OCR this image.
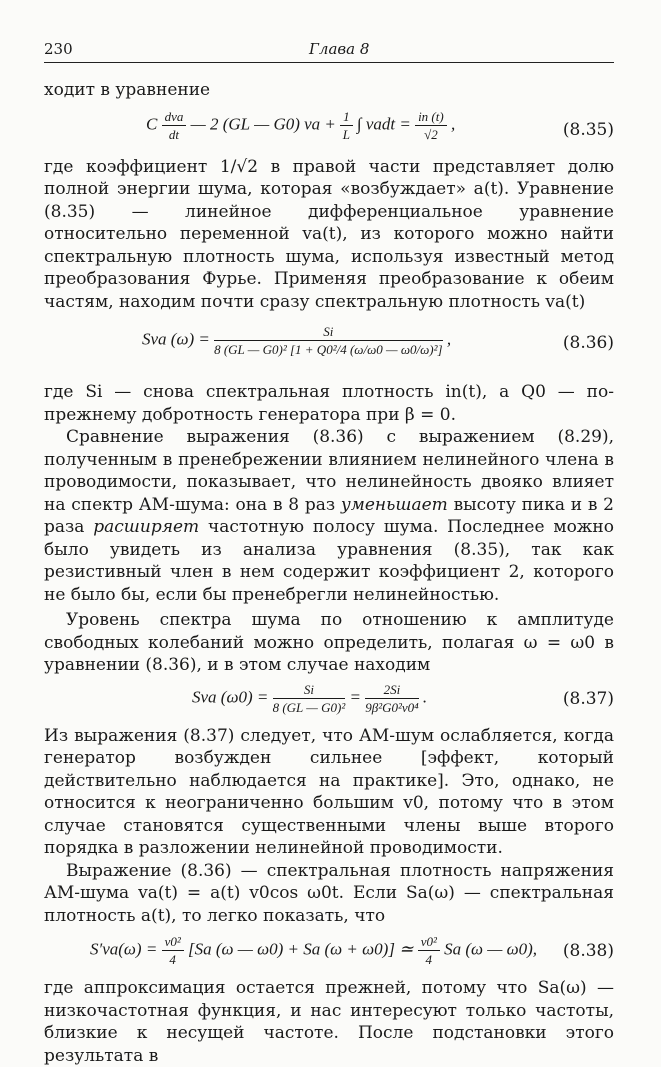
230	Глава 8

ходит в уравнение

C $\frac{\text{dva}}{dt}$ — 2 (GL — G0) va + $\frac{1}{L}$ ∫ vadt = $\frac{in (t)}{√2}$ ,	(8.35)

где коэффициент 1/√2 в правой части представляет долю полной энергии шума, которая «возбуждает» a(t). Уравнение (8.35) — линейное дифференциальное уравнение относительно переменной va(t), из которого можно найти спектральную плотность шума, используя известный метод преобразования Фурье. Применяя преобразование к обеим частям, находим почти сразу спектральную плотность va(t)

Sva $(\omega) = \frac{Si}{\text{8 (GL — G0)² [1 + Q0²/4 (ω/ω0 — ω0/ω)²]}}$ ,	(8.36)

где Si — снова спектральная плотность in(t), а Q0 — по-прежнему добротность генератора при β = 0.

Сравнение выражения (8.36) с выражением (8.29), полученным в пренебрежении влиянием нелинейного члена в проводимости, показывает, что нелинейность двояко влияет на спектр АМ-шума: она в 8 раз уменьшает высоту пика и в 2 раза расширяет частотную полосу шума. Последнее можно было увидеть из анализа уравнения (8.35), так как резистивный член в нем содержит коэффициент 2, которого не было бы, если бы пренебрегли нелинейностью.

Уровень спектра шума по отношению к амплитуде свободных колебаний можно определить, полагая ω = ω0 в уравнении (8.36), и в этом случае находим

Sva $(\omega 0) = \frac{Si}{\text{8 (GL — G0)²}} = \frac{2Si}{\text{9β²G0²v0⁴}}$ .	(8.37)

Из выражения (8.37) следует, что АМ-шум ослабляется, когда генератор возбужден сильнее [эффект, который действительно наблюдается на практике]. Это, однако, не относится к неограниченно большим v0, потому что в этом случае становятся существенными члены выше второго порядка в разложении нелинейной проводимости.

Выражение (8.36) — спектральная плотность напряжения АМ-шума va(t) = a(t) v0cos ω0t. Если Sa(ω) — спектральная плотность a(t), то легко показать, что

$S'va(\omega) = \frac{\text{v0²}}{4} [Sa$ (ω — ω0) + Sa (ω + ω0)] ≃ $\frac{\text{v0²}}{4}$ Sa (ω — ω0), (8.38)

где аппроксимация остается прежней, потому что Sa(ω) — низкочастотная функция, и нас интересуют только частоты, близкие к несущей частоте. После подстановки этого результата в
